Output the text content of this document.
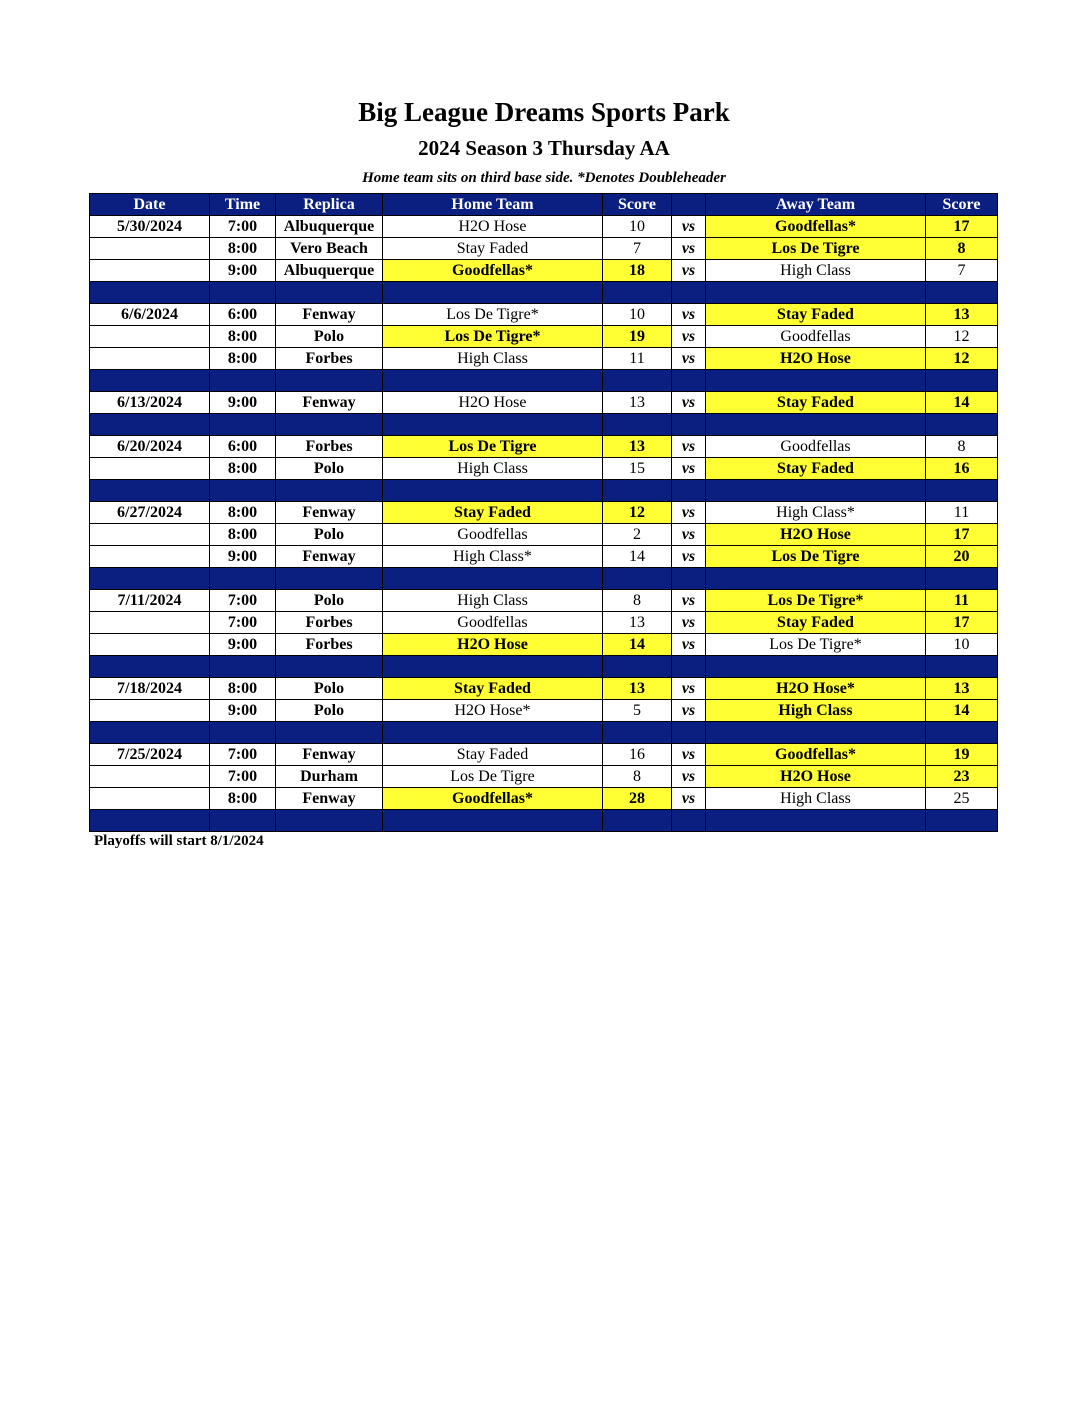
Big League Dreams Sports Park
2024 Season 3 Thursday AA
Home team sits on third base side. *Denotes Doubleheader
Date	Time	Replica	Home Team	Score		Away Team	Score
5/30/2024	7:00	Albuquerque	H2O Hose	10	vs	Goodfellas*	17
	8:00	Vero Beach	Stay Faded	7	vs	Los De Tigre	8
	9:00	Albuquerque	Goodfellas*	18	vs	High Class	7

6/6/2024	6:00	Fenway	Los De Tigre*	10	vs	Stay Faded	13
	8:00	Polo	Los De Tigre*	19	vs	Goodfellas	12
	8:00	Forbes	High Class	11	vs	H2O Hose	12

6/13/2024	9:00	Fenway	H2O Hose	13	vs	Stay Faded	14

6/20/2024	6:00	Forbes	Los De Tigre	13	vs	Goodfellas	8
	8:00	Polo	High Class	15	vs	Stay Faded	16

6/27/2024	8:00	Fenway	Stay Faded	12	vs	High Class*	11
	8:00	Polo	Goodfellas	2	vs	H2O Hose	17
	9:00	Fenway	High Class*	14	vs	Los De Tigre	20

7/11/2024	7:00	Polo	High Class	8	vs	Los De Tigre*	11
	7:00	Forbes	Goodfellas	13	vs	Stay Faded	17
	9:00	Forbes	H2O Hose	14	vs	Los De Tigre*	10

7/18/2024	8:00	Polo	Stay Faded	13	vs	H2O Hose*	13
	9:00	Polo	H2O Hose*	5	vs	High Class	14

7/25/2024	7:00	Fenway	Stay Faded	16	vs	Goodfellas*	19
	7:00	Durham	Los De Tigre	8	vs	H2O Hose	23
	8:00	Fenway	Goodfellas*	28	vs	High Class	25

Playoffs will start 8/1/2024
